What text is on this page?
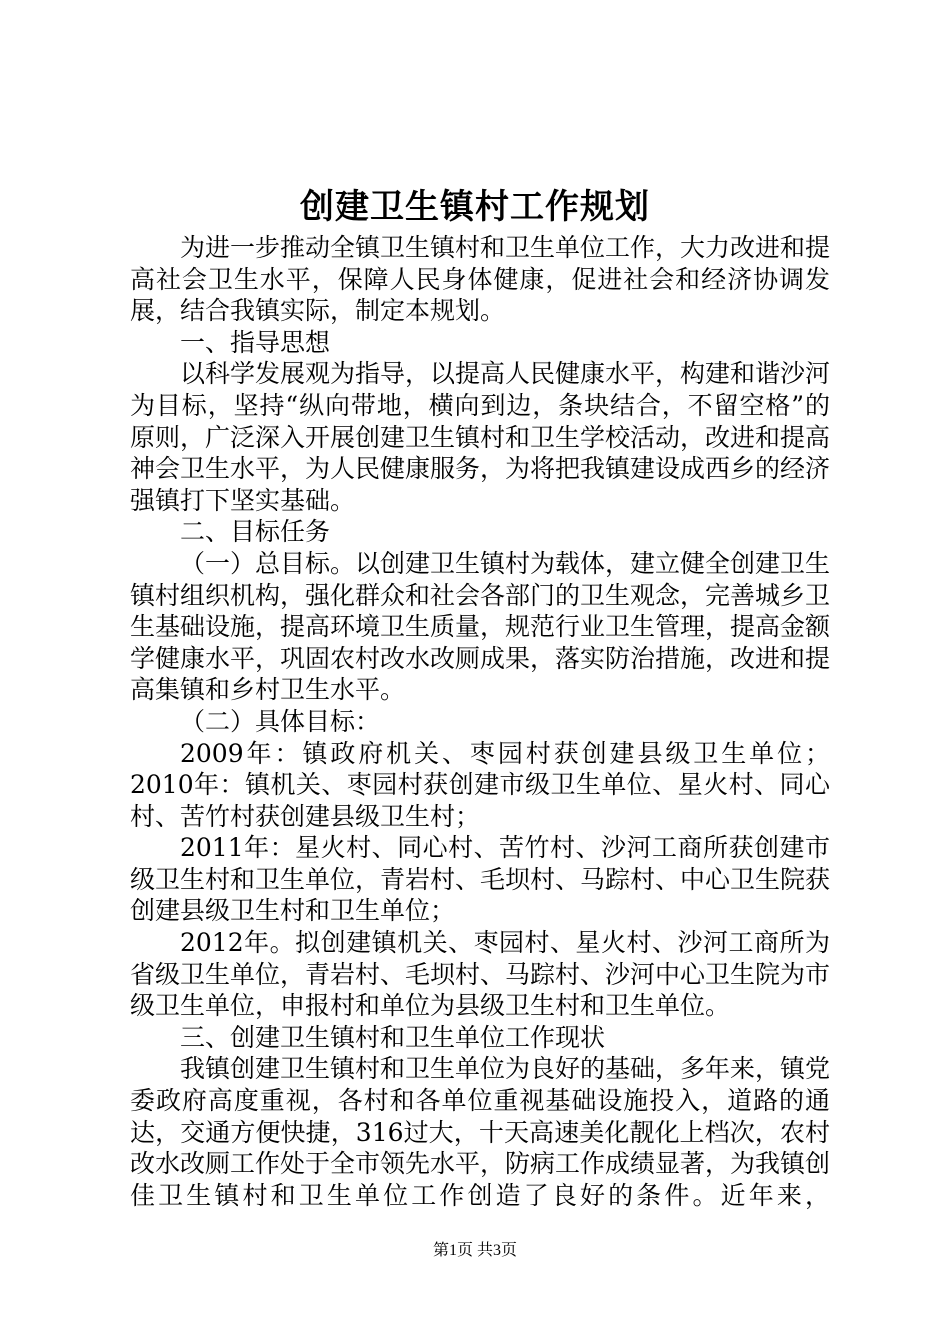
创建卫生镇村工作规划

为进一步推动全镇卫生镇村和卫生单位工作，大力改进和提高社会卫生水平，保障人民身体健康，促进社会和经济协调发展，结合我镇实际，制定本规划。

一、指导思想

以科学发展观为指导，以提高人民健康水平，构建和谐沙河为目标，坚持“纵向带地，横向到边，条块结合，不留空格”的原则，广泛深入开展创建卫生镇村和卫生学校活动，改进和提高神会卫生水平，为人民健康服务，为将把我镇建设成西乡的经济强镇打下坚实基础。

二、目标任务

（一）总目标。以创建卫生镇村为载体，建立健全创建卫生镇村组织机构，强化群众和社会各部门的卫生观念，完善城乡卫生基础设施，提高环境卫生质量，规范行业卫生管理，提高金额学健康水平，巩固农村改水改厕成果，落实防治措施，改进和提高集镇和乡村卫生水平。

（二）具体目标：

2009年：镇政府机关、枣园村获创建县级卫生单位；2010年：镇机关、枣园村获创建市级卫生单位、星火村、同心村、苦竹村获创建县级卫生村；

2011年：星火村、同心村、苦竹村、沙河工商所获创建市级卫生村和卫生单位，青岩村、毛坝村、马踪村、中心卫生院获创建县级卫生村和卫生单位；

2012年。拟创建镇机关、枣园村、星火村、沙河工商所为省级卫生单位，青岩村、毛坝村、马踪村、沙河中心卫生院为市级卫生单位，申报村和单位为县级卫生村和卫生单位。

三、创建卫生镇村和卫生单位工作现状

我镇创建卫生镇村和卫生单位为良好的基础，多年来，镇党委政府高度重视，各村和各单位重视基础设施投入，道路的通达，交通方便快捷，316过大，十天高速美化靓化上档次，农村改水改厕工作处于全市领先水平，防病工作成绩显著，为我镇创佳卫生镇村和卫生单位工作创造了良好的条件。近年来，

第1页 共3页
